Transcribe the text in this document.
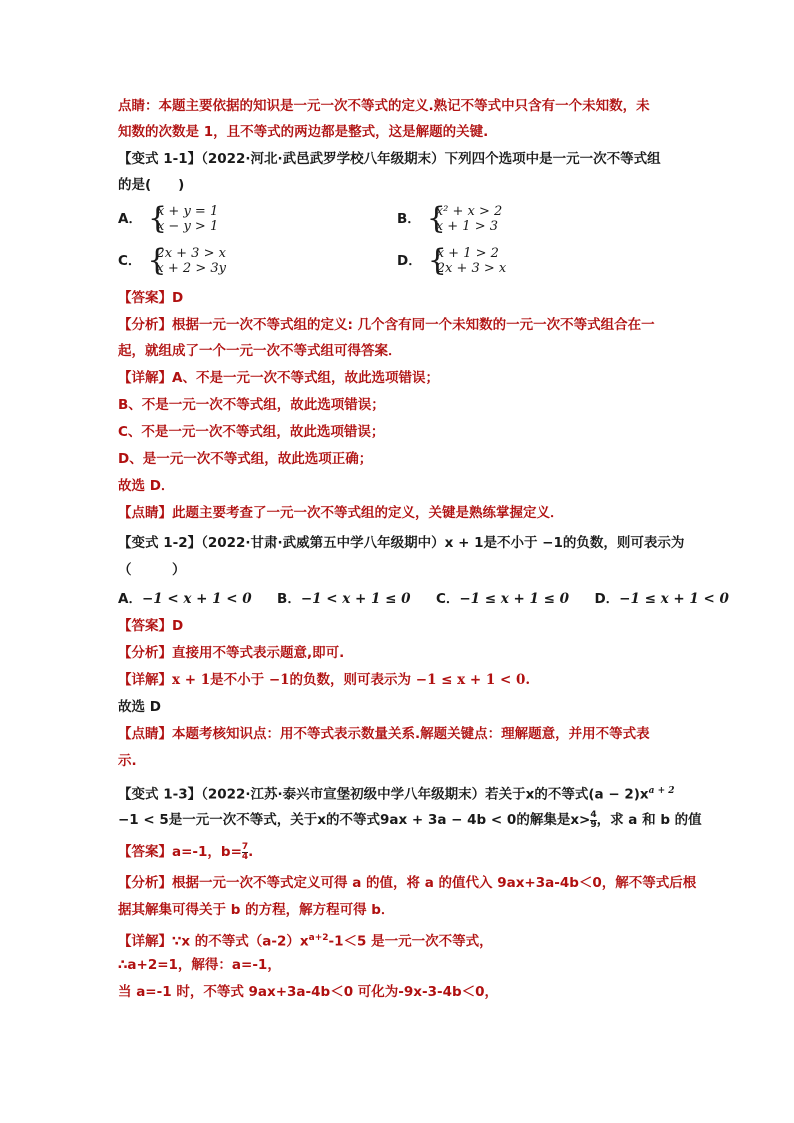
点睛：本题主要依据的知识是一元一次不等式的定义.熟记不等式中只含有一个未知数，未
知数的次数是 1，且不等式的两边都是整式，这是解题的关键.
【变式 1-1】（2022·河北·武邑武罗学校八年级期末）下列四个选项中是一元一次不等式组
的是(　　)
A． {
x + y = 1
x − y > 1	B． {
x² + x > 2
x + 1 > 3
C． {
2x + 3 > x
x + 2 > 3y	D． {
x + 1 > 2
2x + 3 > x
【答案】D
【分析】根据一元一次不等式组的定义: 几个含有同一个未知数的一元一次不等式组合在一
起，就组成了一个一元一次不等式组可得答案．
【详解】A、不是一元一次不等式组，故此选项错误；
B、不是一元一次不等式组，故此选项错误；
C、不是一元一次不等式组，故此选项错误；
D、是一元一次不等式组，故此选项正确；
故选 D．
【点睛】此题主要考查了一元一次不等式组的定义，关键是熟练掌握定义．
【变式 1-2】（2022·甘肃·武威第五中学八年级期中）x + 1是不小于 −1的负数，则可表示为
（　　　）
A．−1 < x + 1 < 0 B．−1 < x + 1 ≤ 0 C．−1 ≤ x + 1 ≤ 0 D．−1 ≤ x + 1 < 0
【答案】D
【分析】直接用不等式表示题意,即可.
【详解】x + 1是不小于 −1的负数，则可表示为 −1 ≤ x + 1 < 0.
故选 D
【点睛】本题考核知识点：用不等式表示数量关系.解题关键点：理解题意，并用不等式表
示.
【变式 1-3】（2022·江苏·泰兴市宣堡初级中学八年级期末）若关于x的不等式$(a - 2)x^{a + 2}$
−1 < 5是一元一次不等式，关于x的不等式9ax + 3a − 4b < 0的解集是$x> \frac{4}{9}$ ，求 a 和 b 的值
【答案】a=-1，$b= \frac{7}{4}$ .
【分析】根据一元一次不等式定义可得 a 的值，将 a 的值代入 9ax+3a-4b＜0，解不等式后根
据其解集可得关于 b 的方程，解方程可得 b．
【详解】∵x 的不等式$(a-2)x^{a+2}-1<5$ 是一元一次不等式，
∴a+2=1，解得：a=-1，
当 a=-1 时，不等式 9ax+3a-4b＜0 可化为-9x-3-4b＜0，
